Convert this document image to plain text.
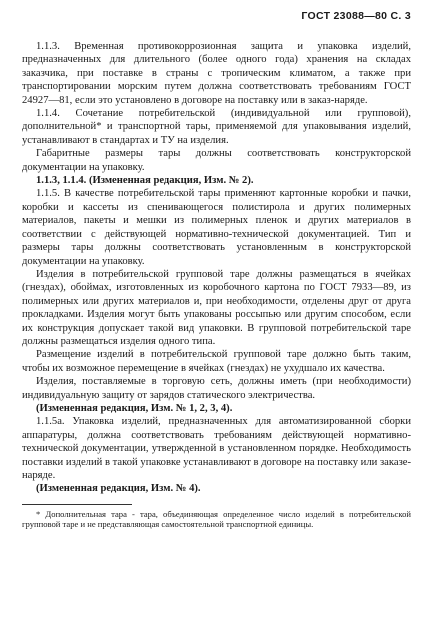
ГОСТ 23088—80 С. 3

1.1.3. Временная противокоррозионная защита и упаковка изделий, предназначенных для длительного (более одного года) хранения на складах заказчика, при поставке в страны с тропическим климатом, а также при транспортировании морским путем должна соответствовать требованиям ГОСТ 24927—81, если это установлено в договоре на поставку или в заказ-наряде.

1.1.4. Сочетание потребительской (индивидуальной или групповой), дополнительной* и транспортной тары, применяемой для упаковывания изделий, устанавливают в стандартах и ТУ на изделия.

Габаритные размеры тары должны соответствовать конструкторской документации на упаковку.

1.1.3, 1.1.4. (Измененная редакция, Изм. № 2).

1.1.5. В качестве потребительской тары применяют картонные коробки и пачки, коробки и кассеты из спенивающегося полистирола и других полимерных материалов, пакеты и мешки из полимерных пленок и других материалов в соответствии с действующей нормативно-технической документацией. Тип и размеры тары должны соответствовать установленным в конструкторской документации на упаковку.

Изделия в потребительской групповой таре должны размещаться в ячейках (гнездах), обоймах, изготовленных из коробочного картона по ГОСТ 7933—89, из полимерных или других материалов и, при необходимости, отделены друг от друга прокладками. Изделия могут быть упакованы россыпью или другим способом, если их конструкция допускает такой вид упаковки. В групповой потребительской таре должны размещаться изделия одного типа.

Размещение изделий в потребительской групповой таре должно быть таким, чтобы их возможное перемещение в ячейках (гнездах) не ухудшало их качества.

Изделия, поставляемые в торговую сеть, должны иметь (при необходимости) индивидуальную защиту от зарядов статического электричества.

(Измененная редакция, Изм. № 1, 2, 3, 4).

1.1.5а. Упаковка изделий, предназначенных для автоматизированной сборки аппаратуры, должна соответствовать требованиям действующей нормативно-технической документации, утвержденной в установленном порядке. Необходимость поставки изделий в такой упаковке устанавливают в договоре на поставку или заказе-наряде.

(Измененная редакция, Изм. № 4).

* Дополнительная тара - тара, объединяющая определенное число изделий в потребительской групповой таре и не представляющая самостоятельной транспортной единицы.
